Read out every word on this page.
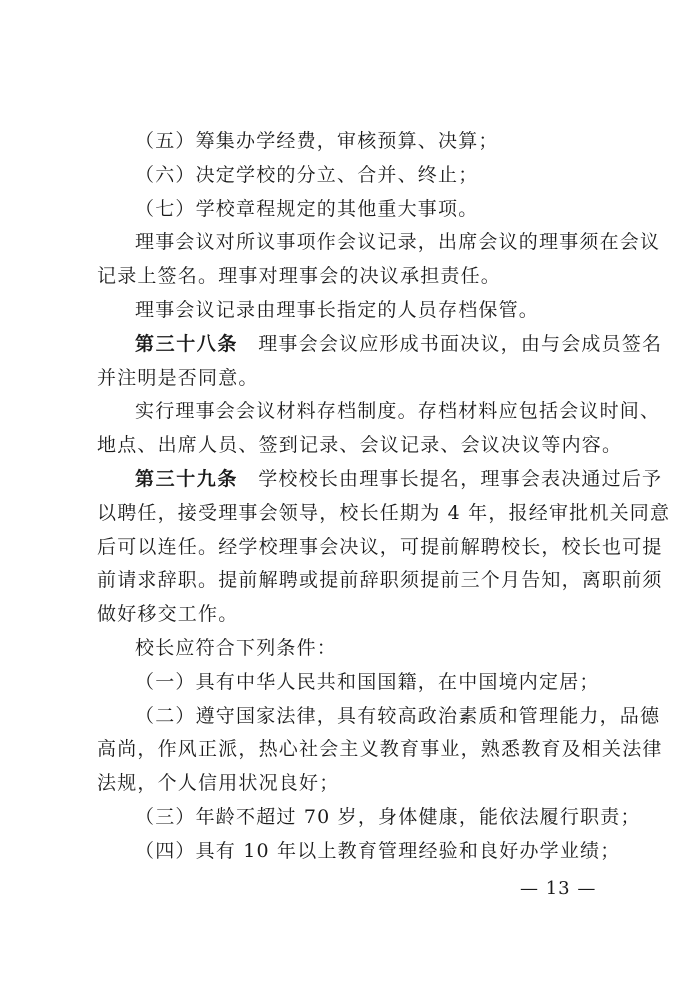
（五）筹集办学经费，审核预算、决算；
（六）决定学校的分立、合并、终止；
（七）学校章程规定的其他重大事项。
理事会议对所议事项作会议记录，出席会议的理事须在会议
记录上签名。理事对理事会的决议承担责任。
理事会议记录由理事长指定的人员存档保管。
第三十八条　理事会会议应形成书面决议，由与会成员签名
并注明是否同意。
实行理事会会议材料存档制度。存档材料应包括会议时间、
地点、出席人员、签到记录、会议记录、会议决议等内容。
第三十九条　学校校长由理事长提名，理事会表决通过后予
以聘任，接受理事会领导，校长任期为 4 年，报经审批机关同意
后可以连任。经学校理事会决议，可提前解聘校长，校长也可提
前请求辞职。提前解聘或提前辞职须提前三个月告知，离职前须
做好移交工作。
校长应符合下列条件：
（一）具有中华人民共和国国籍，在中国境内定居；
（二）遵守国家法律，具有较高政治素质和管理能力，品德
高尚，作风正派，热心社会主义教育事业，熟悉教育及相关法律
法规，个人信用状况良好；
（三）年龄不超过 70 岁，身体健康，能依法履行职责；
（四）具有 10 年以上教育管理经验和良好办学业绩；
— 13 —
